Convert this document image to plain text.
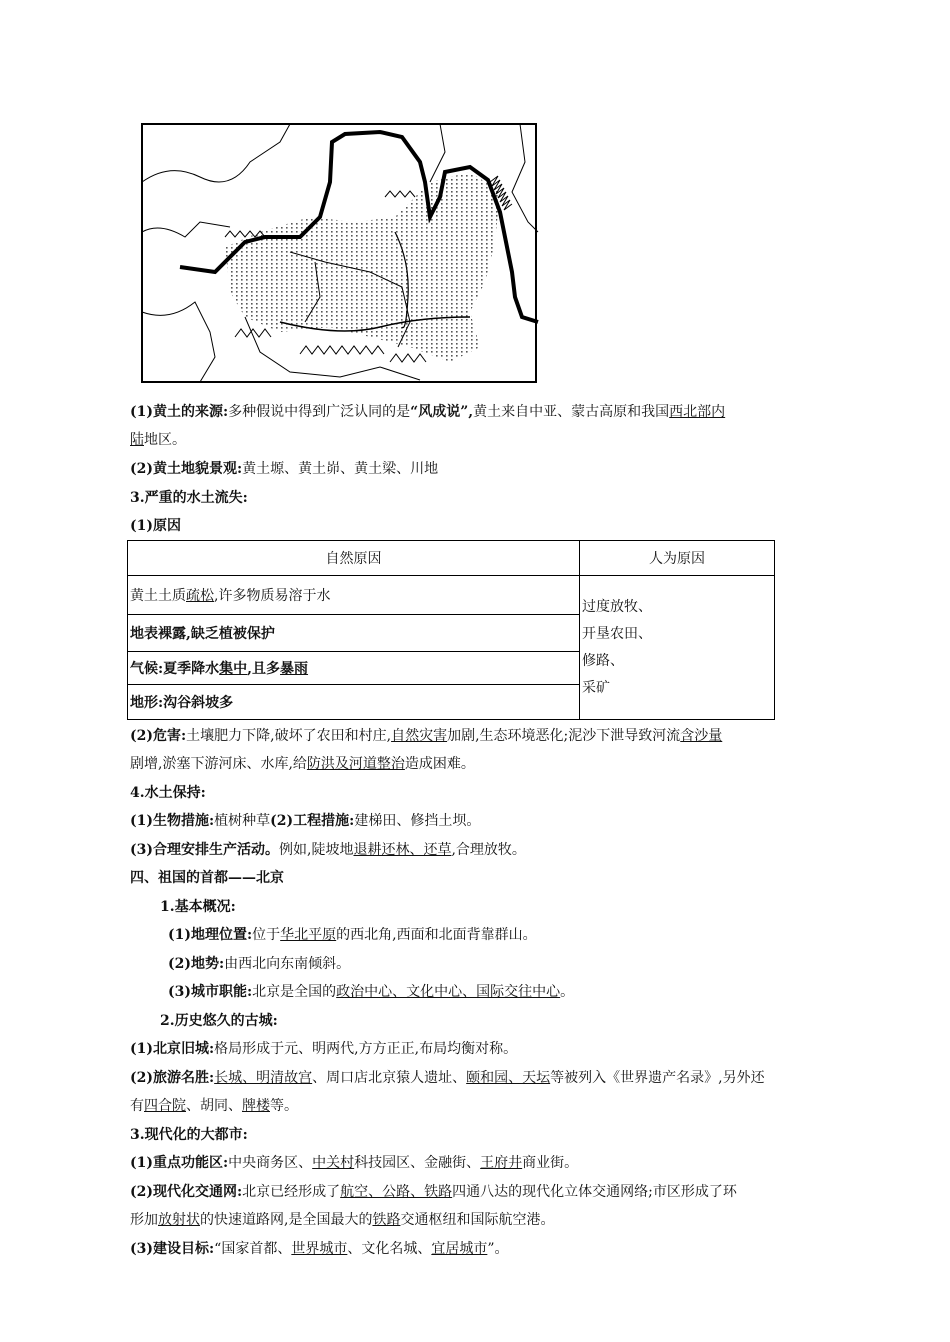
(1)黄土的来源:多种假说中得到广泛认同的是“风成说”,黄土来自中亚、蒙古高原和我国西北部内
陆地区。
(2)黄土地貌景观:黄土塬、黄土峁、黄土梁、川地
3.严重的水土流失:
(1)原因
自然原因	人为原因
黄土土质疏松,许多物质易溶于水	过度放牧、
开垦农田、
修路、
采矿

地表裸露,缺乏植被保护	
气候:夏季降水集中,且多暴雨	
地形:沟谷斜坡多	
(2)危害:土壤肥力下降,破坏了农田和村庄,自然灾害加剧,生态环境恶化;泥沙下泄导致河流含沙量
剧增,淤塞下游河床、水库,给防洪及河道整治造成困难。
4.水土保持:
(1)生物措施:植树种草(2)工程措施:建梯田、修挡土坝。
(3)合理安排生产活动。例如,陡坡地退耕还林、还草,合理放牧。
四、祖国的首都——北京
1.基本概况:
(1)地理位置:位于华北平原的西北角,西面和北面背靠群山。
(2)地势:由西北向东南倾斜。
(3)城市职能:北京是全国的政治中心、文化中心、国际交往中心。
2.历史悠久的古城:
(1)北京旧城:格局形成于元、明两代,方方正正,布局均衡对称。
(2)旅游名胜:长城、明清故宫、周口店北京猿人遗址、颐和园、天坛等被列入《世界遗产名录》,另外还
有四合院、胡同、牌楼等。
3.现代化的大都市:
(1)重点功能区:中央商务区、中关村科技园区、金融街、王府井商业街。
(2)现代化交通网:北京已经形成了航空、公路、铁路四通八达的现代化立体交通网络;市区形成了环
形加放射状的快速道路网,是全国最大的铁路交通枢纽和国际航空港。
(3)建设目标:“国家首都、世界城市、文化名城、宜居城市”。
